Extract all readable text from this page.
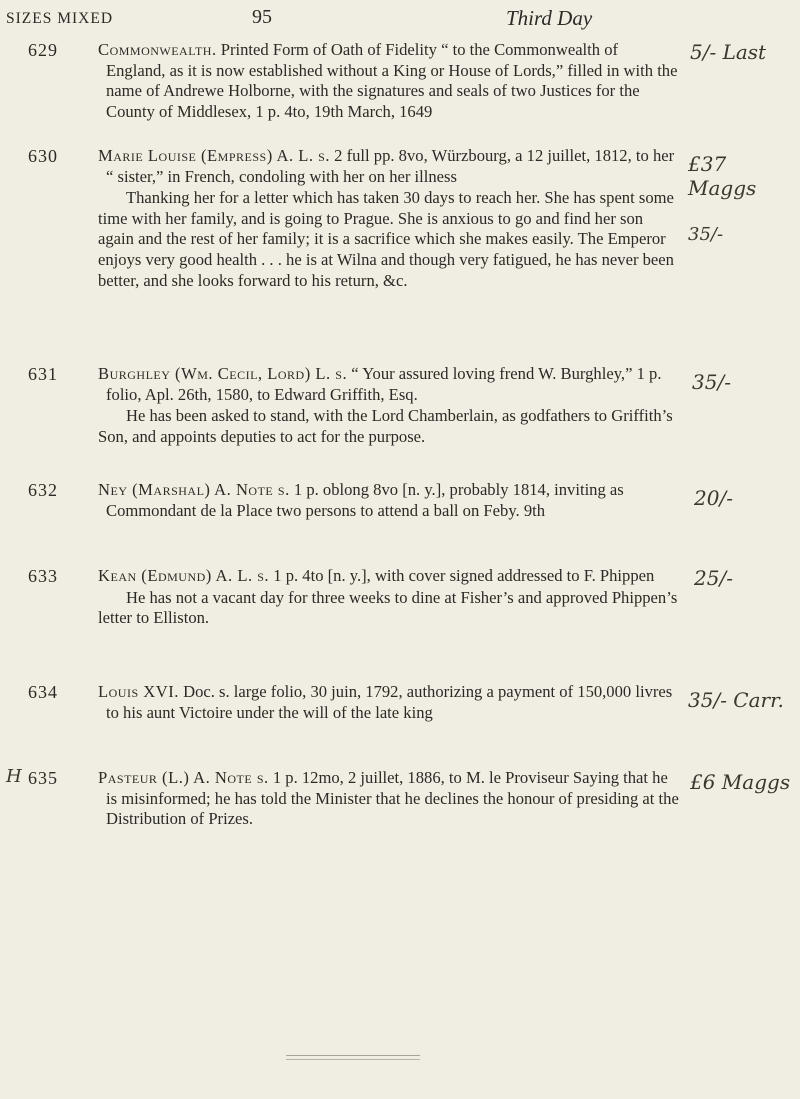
SIZES MIXED	95	Third Day
629 Commonwealth. Printed Form of Oath of Fidelity “ to the Commonwealth of England, as it is now established without a King or House of Lords,” filled in with the name of Andrewe Holborne, with the signatures and seals of two Justices for the County of Middlesex, 1 p. 4to, 19th March, 1649

5/- Last
630 Marie Louise (Empress) A. L. s. 2 full pp. 8vo, Würzbourg, a 12 juillet, 1812, to her “ sister,” in French, condoling with her on her illness

Thanking her for a letter which has taken 30 days to reach her. She has spent some time with her family, and is going to Prague. She is anxious to go and find her son again and the rest of her family; it is a sacrifice which she makes easily. The Emperor enjoys very good health . . . he is at Wilna and though very fatigued, he has never been better, and she looks forward to his return, &c.

£37 Maggs
35/-
631 Burghley (Wm. Cecil, Lord) L. s. “ Your assured loving frend W. Burghley,” 1 p. folio, Apl. 26th, 1580, to Edward Griffith, Esq.

He has been asked to stand, with the Lord Chamberlain, as godfathers to Griffith’s Son, and appoints deputies to act for the purpose.

35/-
632 Ney (Marshal) A. Note s. 1 p. oblong 8vo [n. y.], probably 1814, inviting as Commondant de la Place two persons to attend a ball on Feby. 9th

20/-
633 Kean (Edmund) A. L. s. 1 p. 4to [n. y.], with cover signed addressed to F. Phippen

He has not a vacant day for three weeks to dine at Fisher’s and approved Phippen’s letter to Elliston.

25/-
634 Louis XVI. Doc. s. large folio, 30 juin, 1792, authorizing a payment of 150,000 livres to his aunt Victoire under the will of the late king

35/- Carr.
H 635 Pasteur (L.) A. Note s. 1 p. 12mo, 2 juillet, 1886, to M. le Proviseur Saying that he is misinformed; he has told the Minister that he declines the honour of presiding at the Distribution of Prizes.

£6 Maggs
